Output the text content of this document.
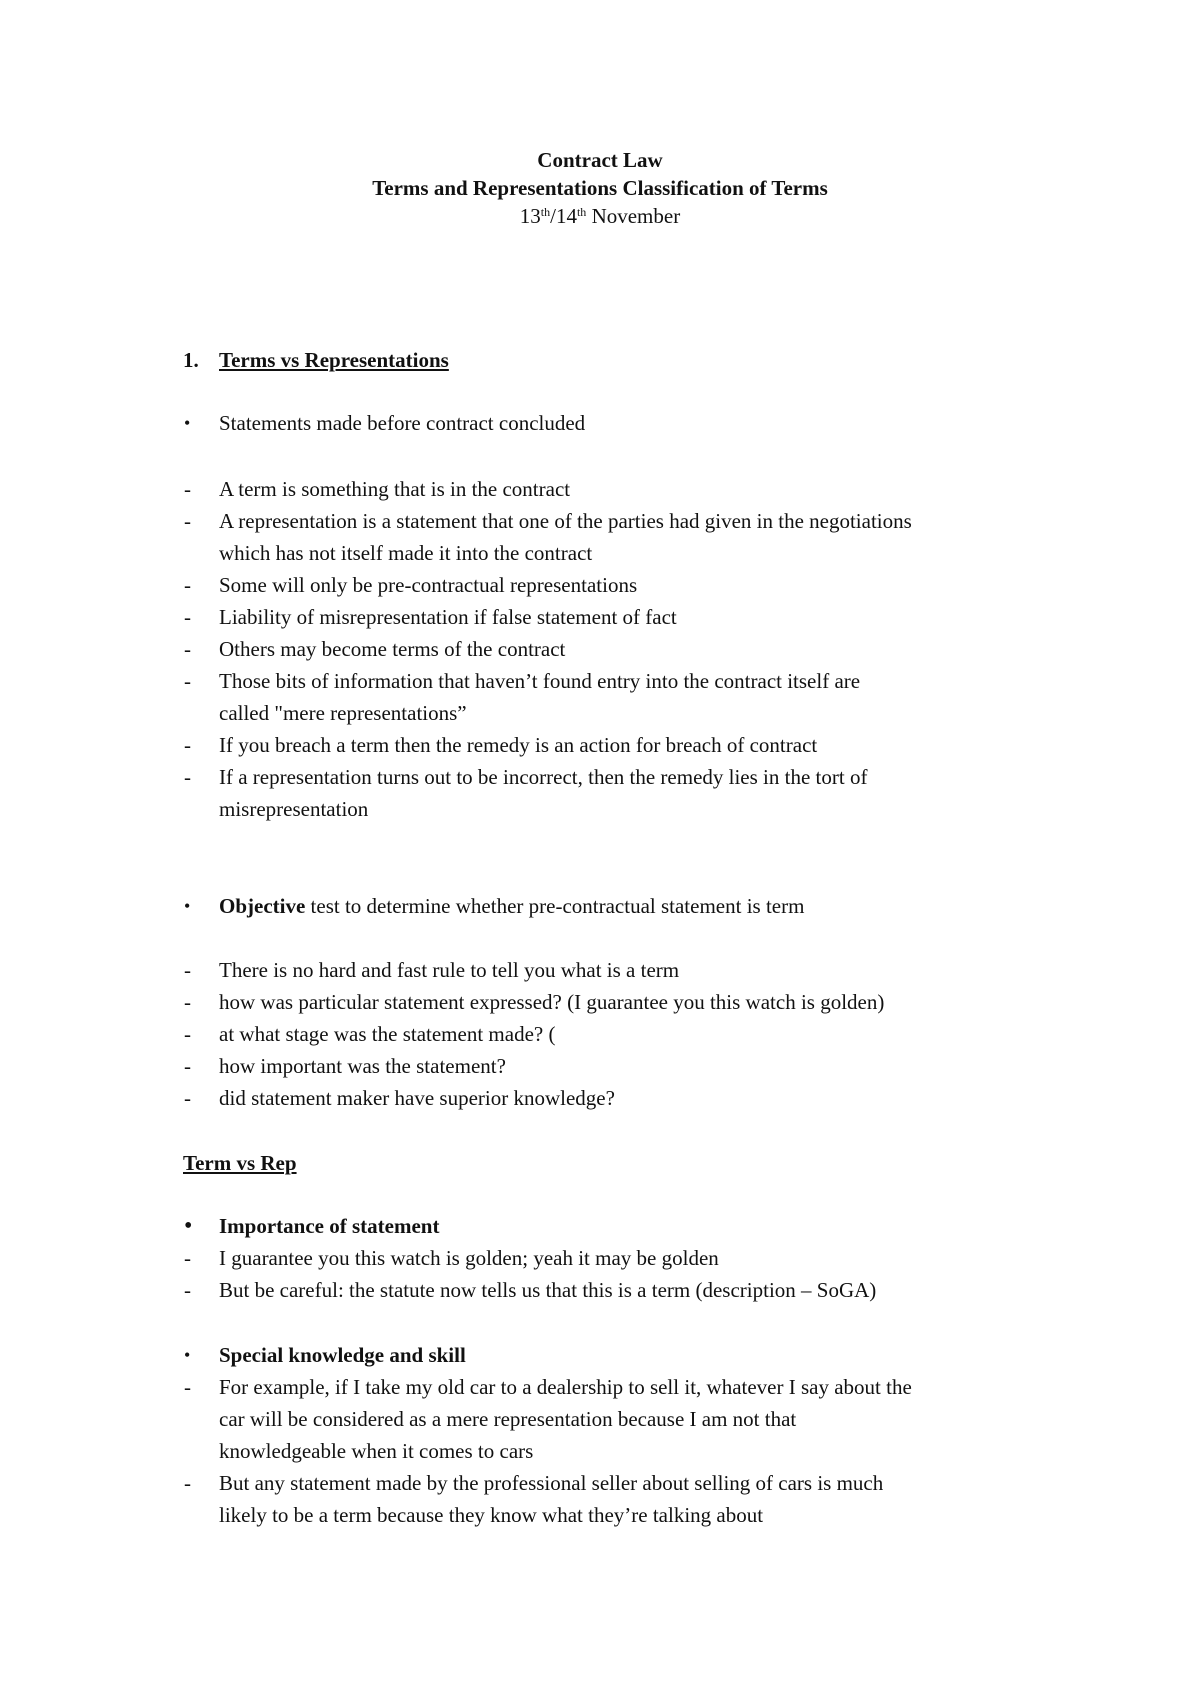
Contract Law
Terms and Representations Classification of Terms
13th/14th November
1. Terms vs Representations
•	Statements made before contract concluded
-	A term is something that is in the contract
-	A representation is a statement that one of the parties had given in the negotiations
which has not itself made it into the contract
-	Some will only be pre-contractual representations
-	Liability of misrepresentation if false statement of fact
-	Others may become terms of the contract
-	Those bits of information that haven’t found entry into the contract itself are
called "mere representations”
-	If you breach a term then the remedy is an action for breach of contract
-	If a representation turns out to be incorrect, then the remedy lies in the tort of
misrepresentation
•	Objective test to determine whether pre-contractual statement is term
-	There is no hard and fast rule to tell you what is a term
-	how was particular statement expressed? (I guarantee you this watch is golden)
-	at what stage was the statement made? (
-	how important was the statement?
-	did statement maker have superior knowledge?
Term vs Rep
•	Importance of statement
-	I guarantee you this watch is golden; yeah it may be golden
-	But be careful: the statute now tells us that this is a term (description – SoGA)
•	Special knowledge and skill
-	For example, if I take my old car to a dealership to sell it, whatever I say about the
car will be considered as a mere representation because I am not that
knowledgeable when it comes to cars
-	But any statement made by the professional seller about selling of cars is much
likely to be a term because they know what they’re talking about
